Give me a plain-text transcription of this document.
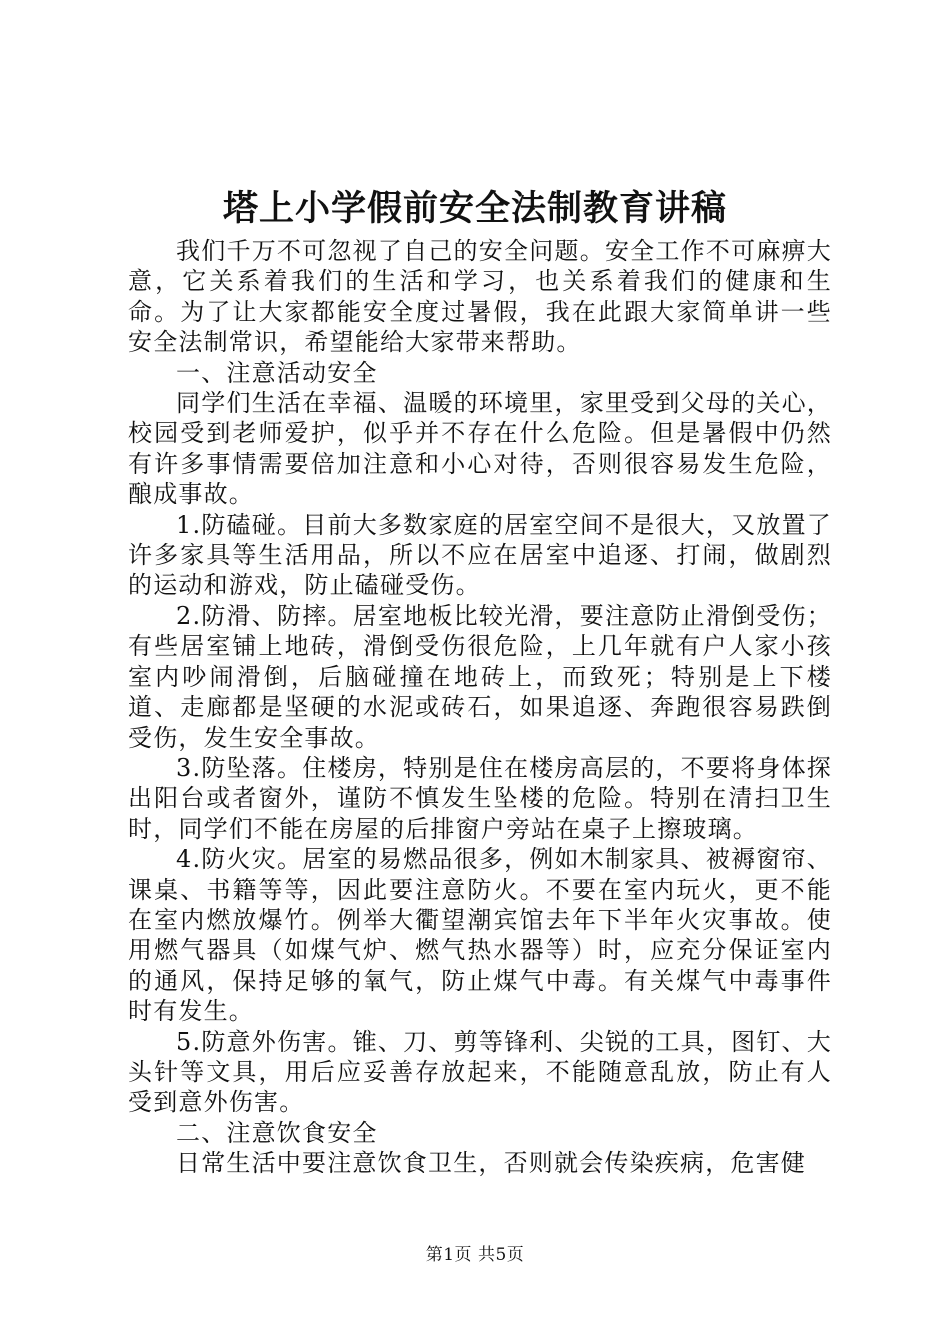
塔上小学假前安全法制教育讲稿

我们千万不可忽视了自己的安全问题。安全工作不可麻痹大意，它关系着我们的生活和学习，也关系着我们的健康和生命。为了让大家都能安全度过暑假，我在此跟大家简单讲一些安全法制常识，希望能给大家带来帮助。

一、注意活动安全

同学们生活在幸福、温暖的环境里，家里受到父母的关心，校园受到老师爱护，似乎并不存在什么危险。但是暑假中仍然有许多事情需要倍加注意和小心对待，否则很容易发生危险，酿成事故。

1.防磕碰。目前大多数家庭的居室空间不是很大，又放置了许多家具等生活用品，所以不应在居室中追逐、打闹，做剧烈的运动和游戏，防止磕碰受伤。

2.防滑、防摔。居室地板比较光滑，要注意防止滑倒受伤；有些居室铺上地砖，滑倒受伤很危险，上几年就有户人家小孩室内吵闹滑倒，后脑碰撞在地砖上，而致死；特别是上下楼道、走廊都是坚硬的水泥或砖石，如果追逐、奔跑很容易跌倒受伤，发生安全事故。

3.防坠落。住楼房，特别是住在楼房高层的，不要将身体探出阳台或者窗外，谨防不慎发生坠楼的危险。特别在清扫卫生时，同学们不能在房屋的后排窗户旁站在桌子上擦玻璃。

4.防火灾。居室的易燃品很多，例如木制家具、被褥窗帘、课桌、书籍等等，因此要注意防火。不要在室内玩火，更不能在室内燃放爆竹。例举大衢望潮宾馆去年下半年火灾事故。使用燃气器具（如煤气炉、燃气热水器等）时，应充分保证室内的通风，保持足够的氧气，防止煤气中毒。有关煤气中毒事件时有发生。

5.防意外伤害。锥、刀、剪等锋利、尖锐的工具，图钉、大头针等文具，用后应妥善存放起来，不能随意乱放，防止有人受到意外伤害。

二、注意饮食安全

日常生活中要注意饮食卫生，否则就会传染疾病，危害健

第1页 共5页
